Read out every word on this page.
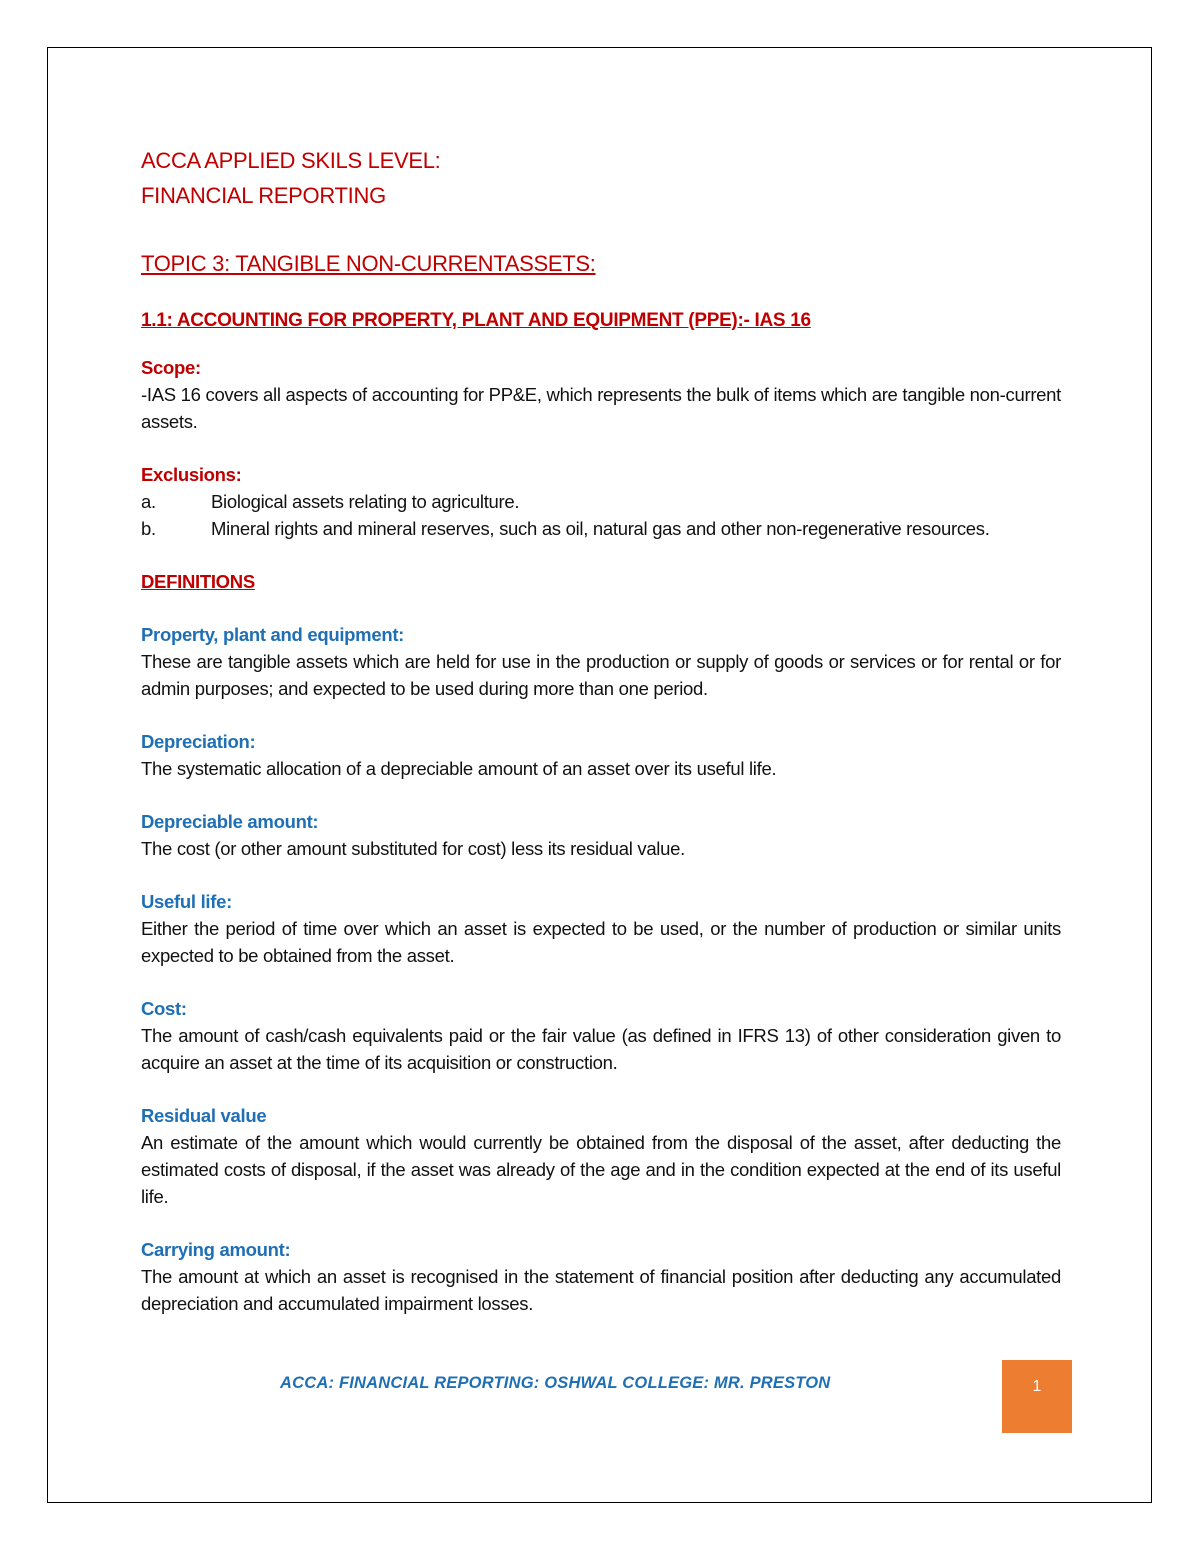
ACCA APPLIED SKILS LEVEL:

FINANCIAL REPORTING

TOPIC 3: TANGIBLE NON-CURRENTASSETS:

1.1: ACCOUNTING FOR PROPERTY, PLANT AND EQUIPMENT (PPE):- IAS 16

Scope:

-IAS 16 covers all aspects of accounting for PP&E, which represents the bulk of items which are tangible non-current assets.

Exclusions:

a.	Biological assets relating to agriculture.
b.	Mineral rights and mineral reserves, such as oil, natural gas and other non-regenerative resources.

DEFINITIONS

Property, plant and equipment:

These are tangible assets which are held for use in the production or supply of goods or services or for rental or for admin purposes; and expected to be used during more than one period.

Depreciation:

The systematic allocation of a depreciable amount of an asset over its useful life.

Depreciable amount:

The cost (or other amount substituted for cost) less its residual value.

Useful life:

Either the period of time over which an asset is expected to be used, or the number of production or similar units expected to be obtained from the asset.

Cost:

The amount of cash/cash equivalents paid or the fair value (as defined in IFRS 13) of other consideration given to acquire an asset at the time of its acquisition or construction.

Residual value

An estimate of the amount which would currently be obtained from the disposal of the asset, after deducting the estimated costs of disposal, if the asset was already of the age and in the condition expected at the end of its useful life.

Carrying amount:

The amount at which an asset is recognised in the statement of financial position after deducting any accumulated depreciation and accumulated impairment losses.

ACCA: FINANCIAL REPORTING: OSHWAL COLLEGE: MR. PRESTON	1
